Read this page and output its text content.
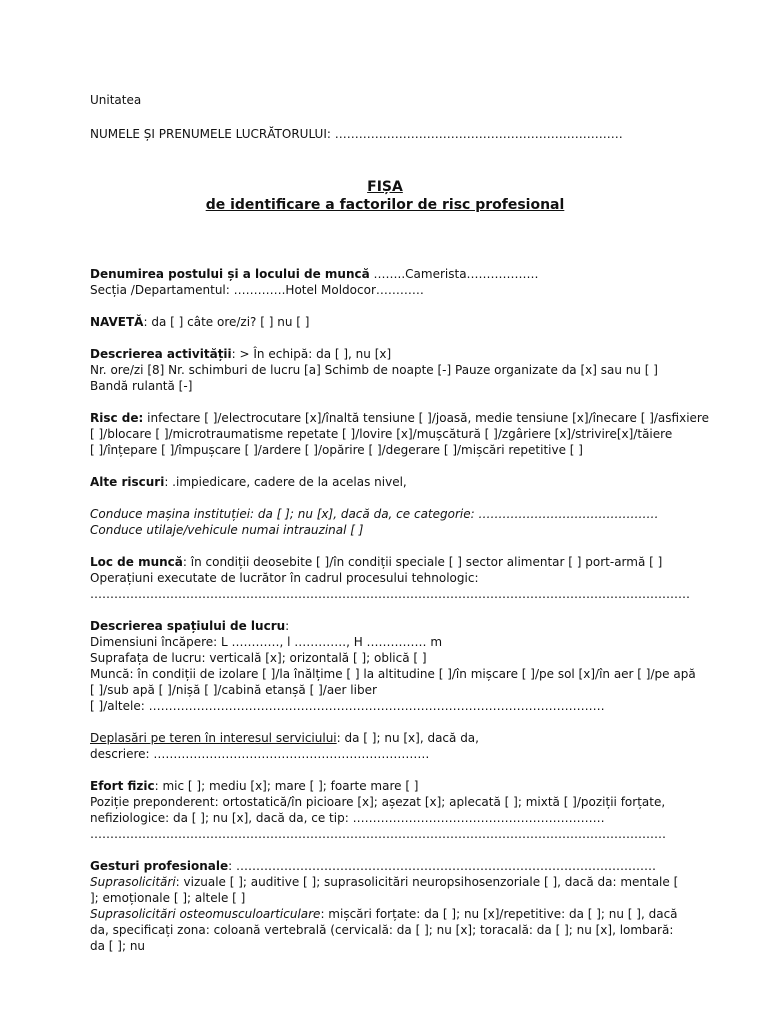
Unitatea

NUMELE ȘI PRENUMELE LUCRĂTORULUI: ………………………………………………………………

FIȘA

de identificare a factorilor de risc profesional

Denumirea postului și a locului de muncă ……..Camerista………………

Secția /Departamentul: ………….Hotel Moldocor…………

NAVETĂ: da [ ] câte ore/zi? [ ] nu [ ]

Descrierea activității: > În echipă: da [ ], nu [x]

Nr. ore/zi [8] Nr. schimburi de lucru [a] Schimb de noapte [-] Pauze organizate da [x] sau nu [ ] Bandă rulantă [-]

Risc de: infectare [ ]/electrocutare [x]/înaltă tensiune [ ]/joasă, medie tensiune [x]/înecare [ ]/asfixiere

[ ]/blocare [ ]/microtraumatisme repetate [ ]/lovire [x]/mușcătură [ ]/zgâriere [x]/strivire[x]/tăiere

[ ]/înțepare [ ]/împușcare [ ]/ardere [ ]/opărire [ ]/degerare [ ]/mișcări repetitive [ ]

Alte riscuri: .impiedicare, cadere de la acelas nivel,

Conduce mașina instituției: da [ ]; nu [x], dacă da, ce categorie: ………………………………………

Conduce utilaje/vehicule numai intrauzinal [ ]

Loc de muncă: în condiții deosebite [ ]/în condiții speciale [ ] sector alimentar [ ] port-armă [ ]

Operațiuni executate de lucrător în cadrul procesului tehnologic:

……………………………………………………………………………………………………………………………………

Descrierea spațiului de lucru:

Dimensiuni încăpere: L …………, l …………., H …………… m

Suprafața de lucru: verticală [x]; orizontală [ ]; oblică [ ]

Muncă: în condiții de izolare [ ]/la înălțime [ ] la altitudine [ ]/în mișcare [ ]/pe sol [x]/în aer [ ]/pe apă

[ ]/sub apă [ ]/nișă [ ]/cabină etanșă [ ]/aer liber

[ ]/altele: ……………………………………………………………………………………………………

Deplasări pe teren în interesul serviciului: da [ ]; nu [x], dacă da,

descriere: ……………………………………………………………

Efort fizic: mic [ ]; mediu [x]; mare [ ]; foarte mare [ ]

Poziție preponderent: ortostatică/în picioare [x]; așezat [x]; aplecată [ ]; mixtă [ ]/poziții forțate,

nefiziologice: da [ ]; nu [x], dacă da, ce tip: ………………………………………………………

………………………………………………………………………………………………………………………………

Gesturi profesionale: ……………………………………………………………………………………………

Suprasolicitări: vizuale [ ]; auditive [ ]; suprasolicitări neuropsihosenzoriale [ ], dacă da: mentale [ ]; emoționale [ ]; altele [ ]

Suprasolicitări osteomusculoarticulare: mișcări forțate: da [ ]; nu [x]/repetitive: da [ ]; nu [ ], dacă da, specificați zona: coloană vertebrală (cervicală: da [ ]; nu [x]; toracală: da [ ]; nu [x], lombară: da [ ]; nu
